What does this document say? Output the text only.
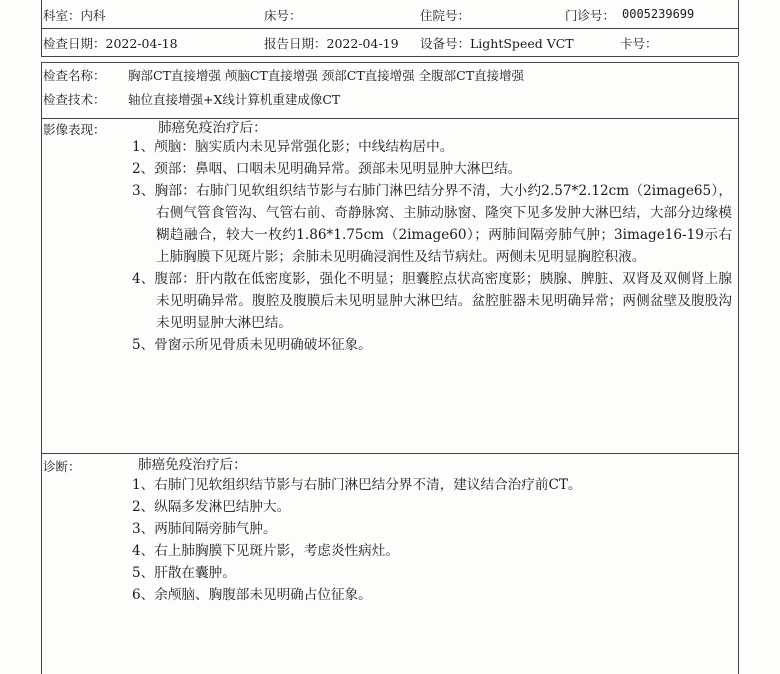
科室：内科	床号：	住院号：	门诊号： 0005239699
检查日期：2022-04-18	报告日期：2022-04-19 设备号：LightSpeed VCT	卡号：
检查名称： 胸部CT直接增强 颅脑CT直接增强 颈部CT直接增强 全腹部CT直接增强
检查技术： 轴位直接增强+X线计算机重建成像CT
影像表现：	肺癌免疫治疗后：
1、颅脑：脑实质内未见异常强化影；中线结构居中。
2、颈部：鼻咽、口咽未见明确异常。颈部未见明显肿大淋巴结。
3、胸部：右肺门见软组织结节影与右肺门淋巴结分界不清，大小约2.57*2.12cm（2image65），右侧气管食管沟、气管右前、奇静脉窝、主肺动脉窗、隆突下见多发肿大淋巴结，大部分边缘模糊趋融合，较大一枚约1.86*1.75cm（2image60）；两肺间隔旁肺气肿；3image16-19示右上肺胸膜下见斑片影；余肺未见明确浸润性及结节病灶。两侧未见明显胸腔积液。
4、腹部：肝内散在低密度影，强化不明显；胆囊腔点状高密度影；胰腺、脾脏、双肾及双侧肾上腺未见明确异常。腹腔及腹膜后未见明显肿大淋巴结。盆腔脏器未见明确异常；两侧盆壁及腹股沟未见明显肿大淋巴结。
5、骨窗示所见骨质未见明确破坏征象。
诊断：	肺癌免疫治疗后：
1、右肺门见软组织结节影与右肺门淋巴结分界不清，建议结合治疗前CT。
2、纵隔多发淋巴结肿大。
3、两肺间隔旁肺气肿。
4、右上肺胸膜下见斑片影，考虑炎性病灶。
5、肝散在囊肿。
6、余颅脑、胸腹部未见明确占位征象。
